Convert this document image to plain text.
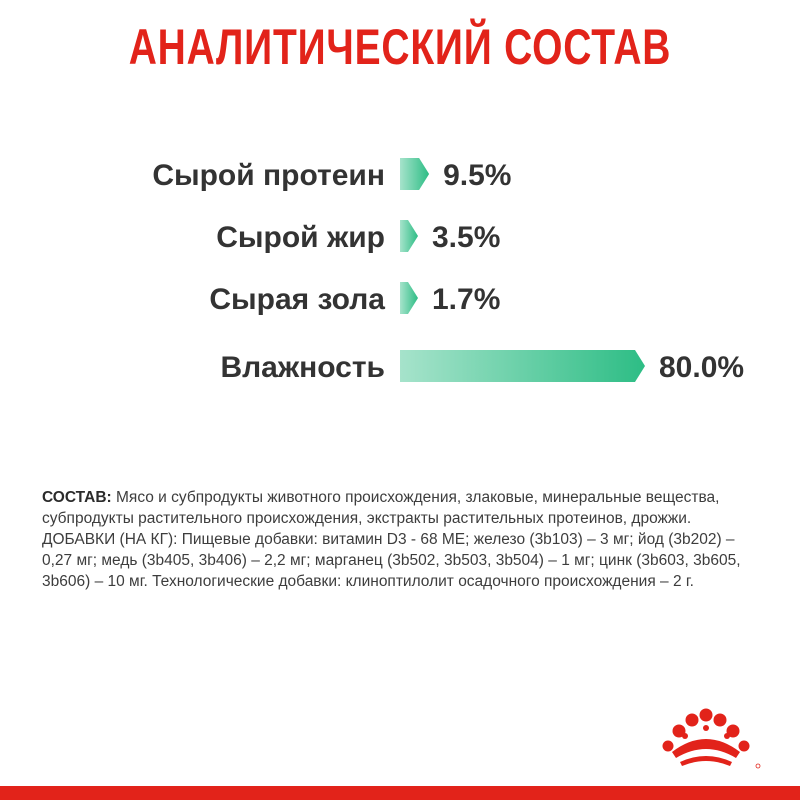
АНАЛИТИЧЕСКИЙ СОСТАВ
Сырой протеин 9.5%
Сырой жир 3.5%
Сырая зола 1.7%
Влажность	80.0%
СОСТАВ: Мясо и субпродукты животного происхождения, злаковые, минеральные вещества, субпродукты растительного происхождения, экстракты растительных протеинов, дрожжи. ДОБАВКИ (НА КГ): Пищевые добавки: витамин D3 - 68 МЕ; железо (3b103) – 3 мг; йод (3b202) – 0,27 мг; медь (3b405, 3b406) – 2,2 мг; марганец (3b502, 3b503, 3b504) – 1 мг; цинк (3b603, 3b605, 3b606) – 10 мг. Технологические добавки: клиноптилолит осадочного происхождения – 2 г.
